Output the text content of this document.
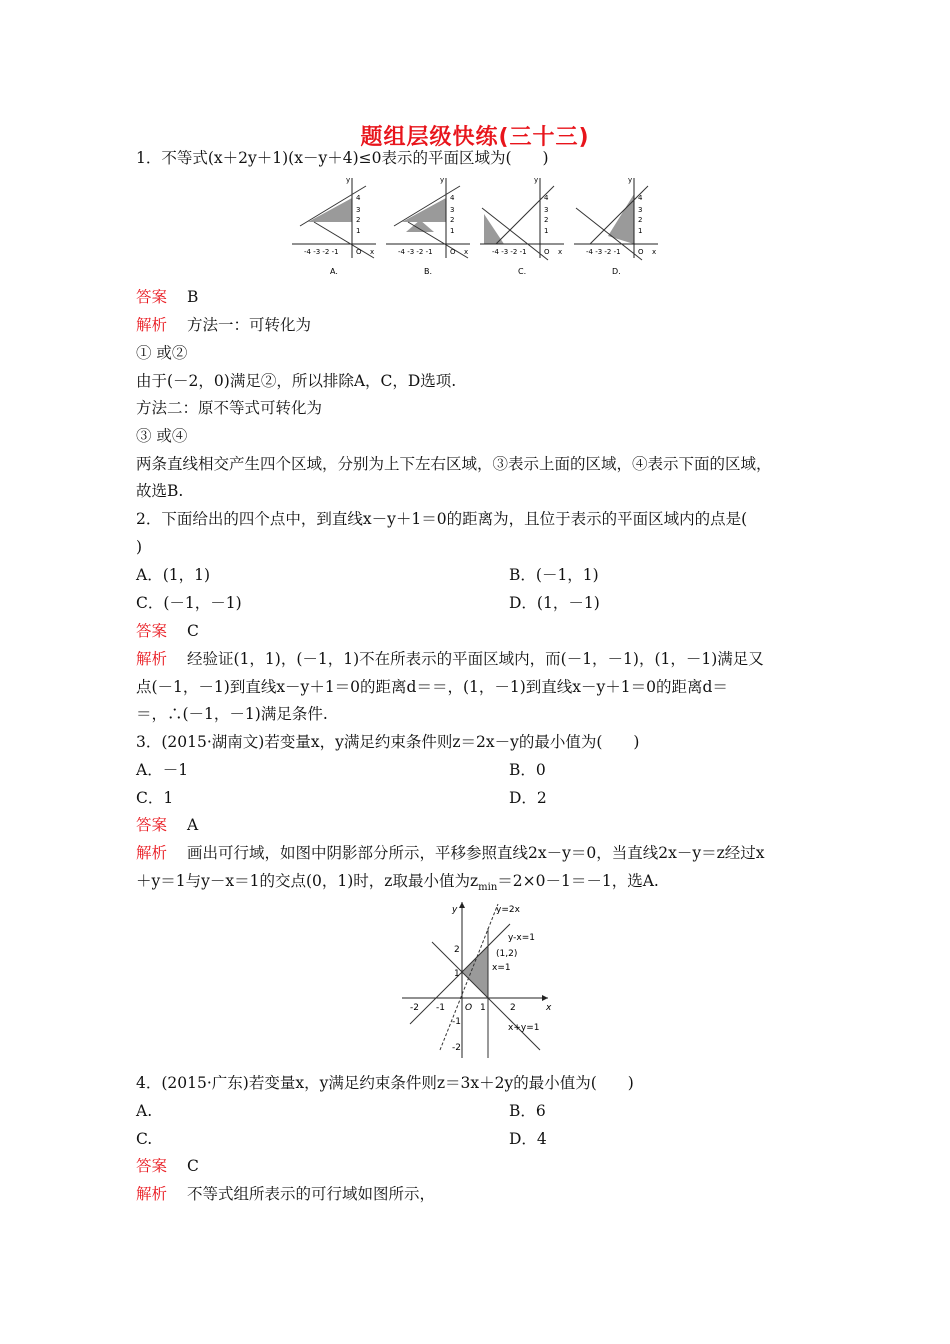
题组层级快练(三十三)
1．不等式(x＋2y＋1)(x－y＋4)≤0表示的平面区域为(　　)
y
4
3
2
1
-4 -3 -2 -1 O x
A.
y
4
3
2
1
-4 -3 -2 -1 O x
B.
y
4
3
2
1
-4 -3 -2 -1 O x
C.
y
4
3
2
1
-4 -3 -2 -1 O x
D.
答案 B
解析 方法一：可转化为
① 或②
由于(－2，0)满足②，所以排除A，C，D选项.
方法二：原不等式可转化为
③ 或④
两条直线相交产生四个区域，分别为上下左右区域，③表示上面的区域，④表示下面的区域，
故选B.
2．下面给出的四个点中，到直线x－y＋1＝0的距离为，且位于表示的平面区域内的点是(
)
A．(1，1)	B．(－1，1)
C．(－1，－1)	D．(1，－1)
答案 C
解析 经验证(1，1)，(－1，1)不在所表示的平面区域内，而(－1，－1)，(1，－1)满足又
点(－1，－1)到直线x－y＋1＝0的距离d＝＝，(1，－1)到直线x－y＋1＝0的距离d＝
＝，∴(－1，－1)满足条件.
3．(2015·湖南文)若变量x，y满足约束条件则z＝2x－y的最小值为(　　)
A．－1	B．0
C．1	D．2
答案 A
解析 画出可行域，如图中阴影部分所示，平移参照直线2x－y＝0，当直线2x－y＝z经过x
＋y＝1与y－x＝1的交点(0，1)时，z取最小值为$z_{min}=2\times 0-1=-1$，选A.
y
x
O
y=2x
y-x=1
(1,2)
x=1
x+y=1
-2 -1	1	2
2
1
-1
-2
4．(2015·广东)若变量x，y满足约束条件则z＝3x＋2y的最小值为(　　)
A.	B．6
C.	D．4
答案 C
解析 不等式组所表示的可行域如图所示，
